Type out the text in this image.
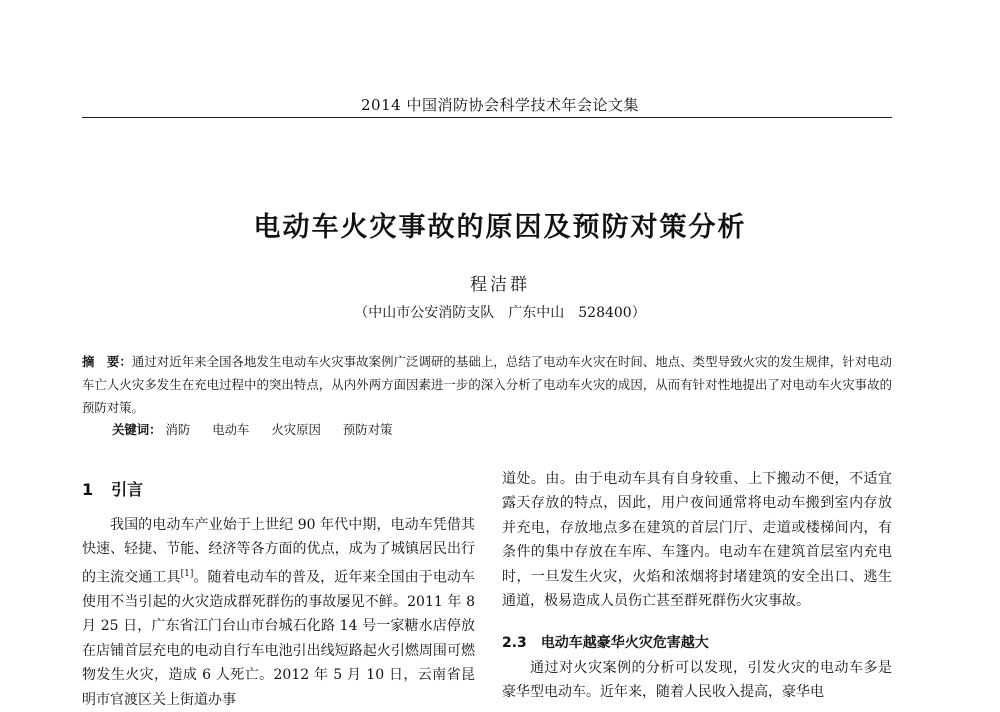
2014 中国消防协会科学技术年会论文集
电动车火灾事故的原因及预防对策分析
程洁群
（中山市公安消防支队　广东中山　528400）
摘　要：通过对近年来全国各地发生电动车火灾事故案例广泛调研的基础上，总结了电动车火灾在时间、地点、类型导致火灾的发生规律，针对电动车亡人火灾多发生在充电过程中的突出特点，从内外两方面因素进一步的深入分析了电动车火灾的成因，从而有针对性地提出了对电动车火灾事故的预防对策。
关键词： 消防 电动车 火灾原因 预防对策
1 引言
我国的电动车产业始于上世纪 90 年代中期，电动车凭借其快速、轻捷、节能、经济等各方面的优点，成为了城镇居民出行的主流交通工具[1]。随着电动车的普及，近年来全国由于电动车使用不当引起的火灾造成群死群伤的事故屡见不鲜。2011 年 8 月 25 日，广东省江门台山市台城石化路 14 号一家糖水店停放在店铺首层充电的电动自行车电池引出线短路起火引燃周围可燃物发生火灾，造成 6 人死亡。2012 年 5 月 10 日，云南省昆明市官渡区关上街道办事
道处。由。由于电动车具有自身较重、上下搬动不便，不适宜露天存放的特点，因此，用户夜间通常将电动车搬到室内存放并充电，存放地点多在建筑的首层门厅、走道或楼梯间内，有条件的集中存放在车库、车篷内。电动车在建筑首层室内充电时，一旦发生火灾，火焰和浓烟将封堵建筑的安全出口、逃生通道，极易造成人员伤亡甚至群死群伤火灾事故。
2.3 电动车越豪华火灾危害越大
通过对火灾案例的分析可以发现，引发火灾的电动车多是豪华型电动车。近年来，随着人民收入提高，豪华电
